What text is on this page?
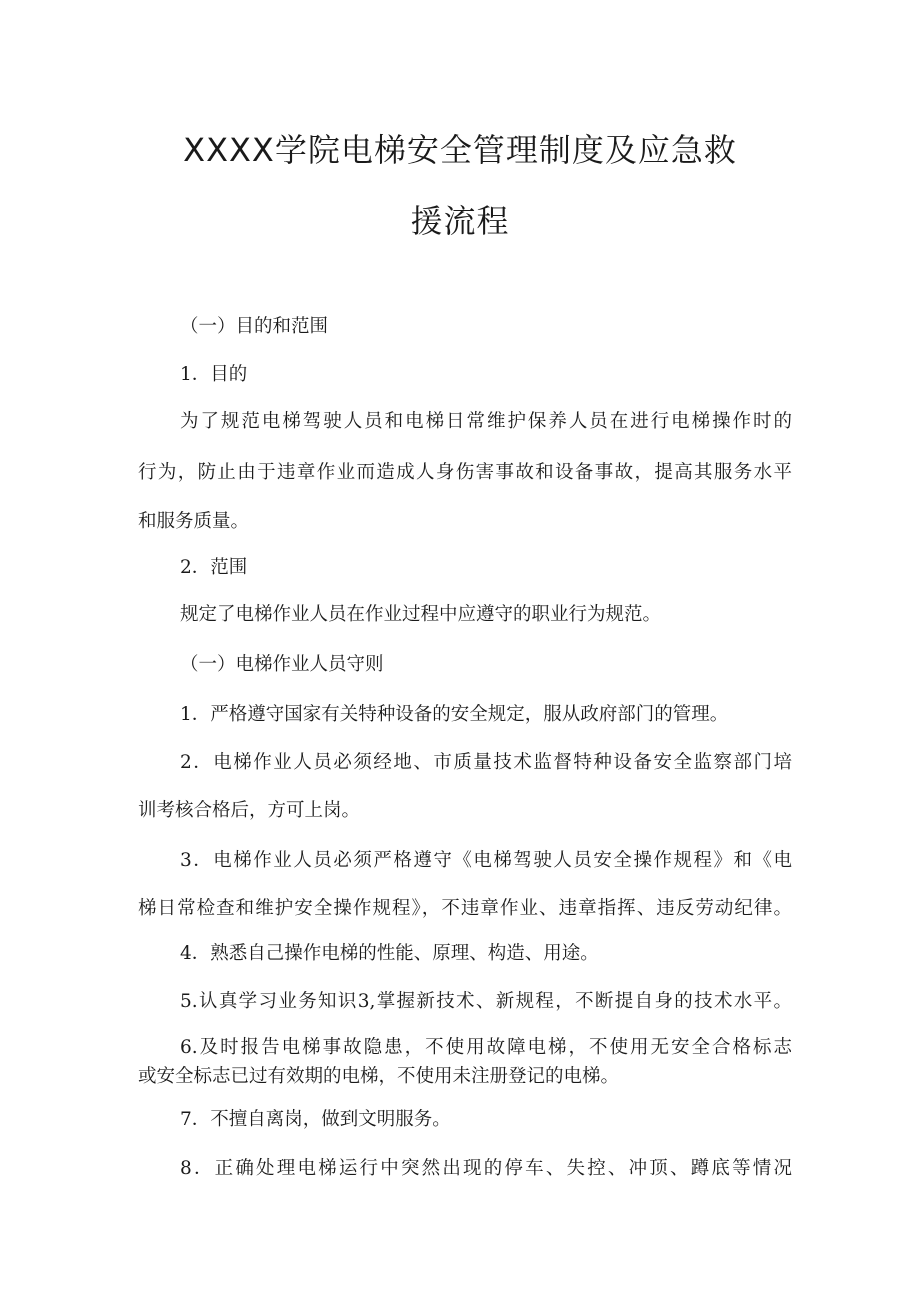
XXXX学院电梯安全管理制度及应急救
援流程

（一）目的和范围

1．目的

为了规范电梯驾驶人员和电梯日常维护保养人员在进行电梯操作时的

行为，防止由于违章作业而造成人身伤害事故和设备事故，提高其服务水平

和服务质量。

2．范围

规定了电梯作业人员在作业过程中应遵守的职业行为规范。

（一）电梯作业人员守则

1．严格遵守国家有关特种设备的安全规定，服从政府部门的管理。

2．电梯作业人员必须经地、市质量技术监督特种设备安全监察部门培

训考核合格后，方可上岗。

3．电梯作业人员必须严格遵守《电梯驾驶人员安全操作规程》和《电

梯日常检查和维护安全操作规程》，不违章作业、违章指挥、违反劳动纪律。

4．熟悉自己操作电梯的性能、原理、构造、用途。

5.认真学习业务知识3,掌握新技术、新规程，不断提自身的技术水平。

6.及时报告电梯事故隐患，不使用故障电梯，不使用无安全合格标志

或安全标志已过有效期的电梯，不使用未注册登记的电梯。

7．不擅自离岗，做到文明服务。

8．正确处理电梯运行中突然出现的停车、失控、冲顶、蹲底等情况
